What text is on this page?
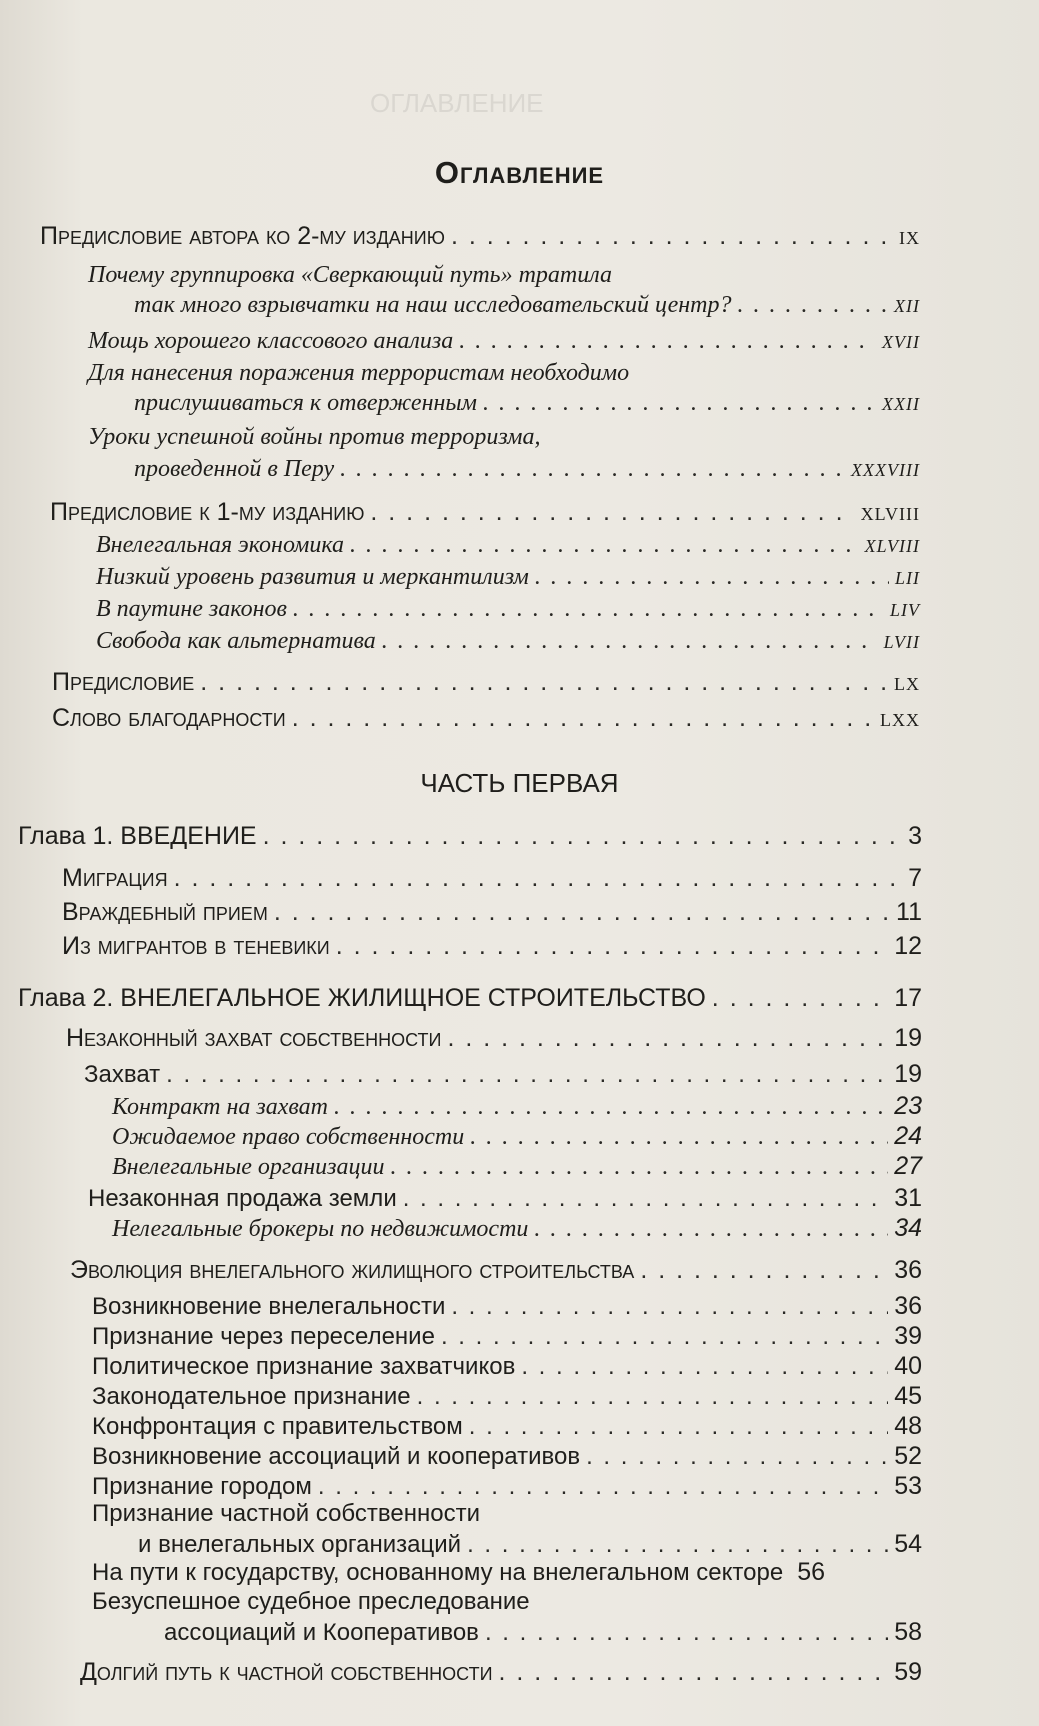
ОГЛАВЛЕНИЕ
Оглавление
Предисловие автора ко 2-му изданию . . .	IX
Почему группировка «Сверкающий путь» тратила
так много взрывчатки на наш исследовательский центр? . . .	XII
Мощь хорошего классового анализа . . .	XVII
Для нанесения поражения террористам необходимо
прислушиваться к отверженным . . .	XXII
Уроки успешной войны против терроризма,
проведенной в Перу . . .	XXXVIII
Предисловие к 1-му изданию . . .	XLVIII
Внелегальная экономика . . .	XLVIII
Низкий уровень развития и меркантилизм . . .	LII
В паутине законов . . .	LIV
Свобода как альтернатива . . .	LVII
Предисловие . . .	LX
Слово благодарности . . .	LXX
ЧАСТЬ ПЕРВАЯ
Глава 1. ВВЕДЕНИЕ . . .	3
Миграция . . .	7
Враждебный прием . . .	11
Из мигрантов в теневики . . .	12
Глава 2. ВНЕЛЕГАЛЬНОЕ ЖИЛИЩНОЕ СТРОИТЕЛЬСТВО . . .	17
Незаконный захват собственности . . .	19
Захват . . .	19
Контракт на захват . . .	23
Ожидаемое право собственности . . .	24
Внелегальные организации . . .	27
Незаконная продажа земли . . .	31
Нелегальные брокеры по недвижимости . . .	34
Эволюция внелегального жилищного строительства . . .	36
Возникновение внелегальности . . .	36
Признание через переселение . . .	39
Политическое признание захватчиков . . .	40
Законодательное признание . . .	45
Конфронтация с правительством . . .	48
Возникновение ассоциаций и кооперативов . . .	52
Признание городом . . .	53
Признание частной собственности
и внелегальных организаций . . .	54
На пути к государству, основанному на внелегальном секторе 56
Безуспешное судебное преследование
ассоциаций и Кооперативов . . .	58
Долгий путь к частной собственности . . .	59
